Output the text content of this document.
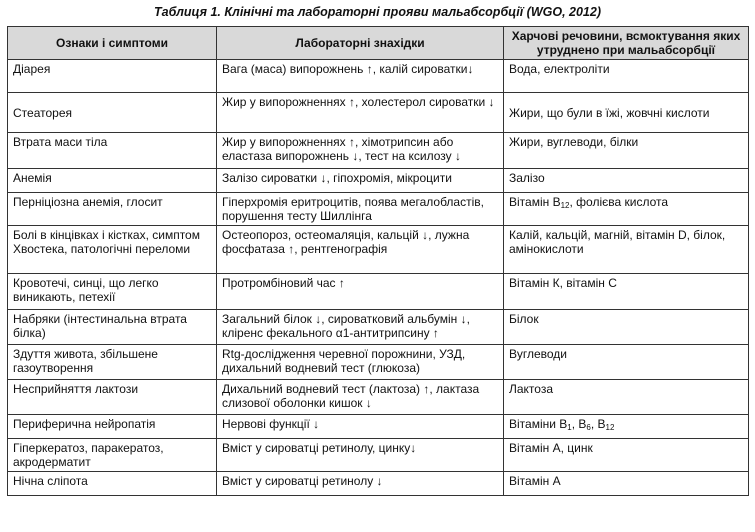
Таблиця 1. Клінічні та лабораторні прояви мальабсорбції (WGO, 2012)
Ознаки і симптоми	Лабораторні знахідки	Харчові речовини, всмоктування яких утруднено при мальабсорбції
Діарея	Вага (маса) випорожнень ↑, калій сироватки↓	Вода, електроліти
Стеаторея	Жир у випорожненнях ↑, холестерол сироватки ↓	Жири, що були в їжі, жовчні кислоти
Втрата маси тіла	Жир у випорожненнях ↑, хімотрипсин або еластаза випорожнень ↓, тест на ксилозу ↓	Жири, вуглеводи, білки
Анемія	Залізо сироватки ↓, гіпохромія, мікроцити	Залізо
Перніціозна анемія, глосит	Гіперхромія еритроцитів, поява мегалобластів, порушення тесту Шиллінга	Вітамін $В_{12}$, фолієва кислота
Болі в кінцівках і кістках, симптом Хвостека, патологічні переломи	Остеопороз, остеомаляція, кальцій ↓, лужна фосфатаза ↑, рентгенографія	Калій, кальцій, магній, вітамін D, білок, амінокислоти
Кровотечі, синці, що легко виникають, петехії	Протромбіновий час ↑	Вітамін К, вітамін С
Набряки (інтестинальна втрата білка)	Загальний білок ↓, сироватковий альбумін ↓, кліренс фекального α1-антитрипсину ↑	Білок
Здуття живота, збільшене газоутворення	Rtg-дослідження черевної порожнини, УЗД, дихальний водневий тест (глюкоза)	Вуглеводи
Несприйняття лактози	Дихальний водневий тест (лактоза) ↑, лактаза слизової оболонки кишок ↓	Лактоза
Периферична нейропатія	Нервові функції ↓	Вітаміни $В_1$, $В_6$, $В_{12}$
Гіперкератоз, паракератоз, акродерматит	Вміст у сироватці ретинолу, цинку↓	Вітамін А, цинк
Нічна сліпота	Вміст у сироватці ретинолу ↓	Вітамін А
